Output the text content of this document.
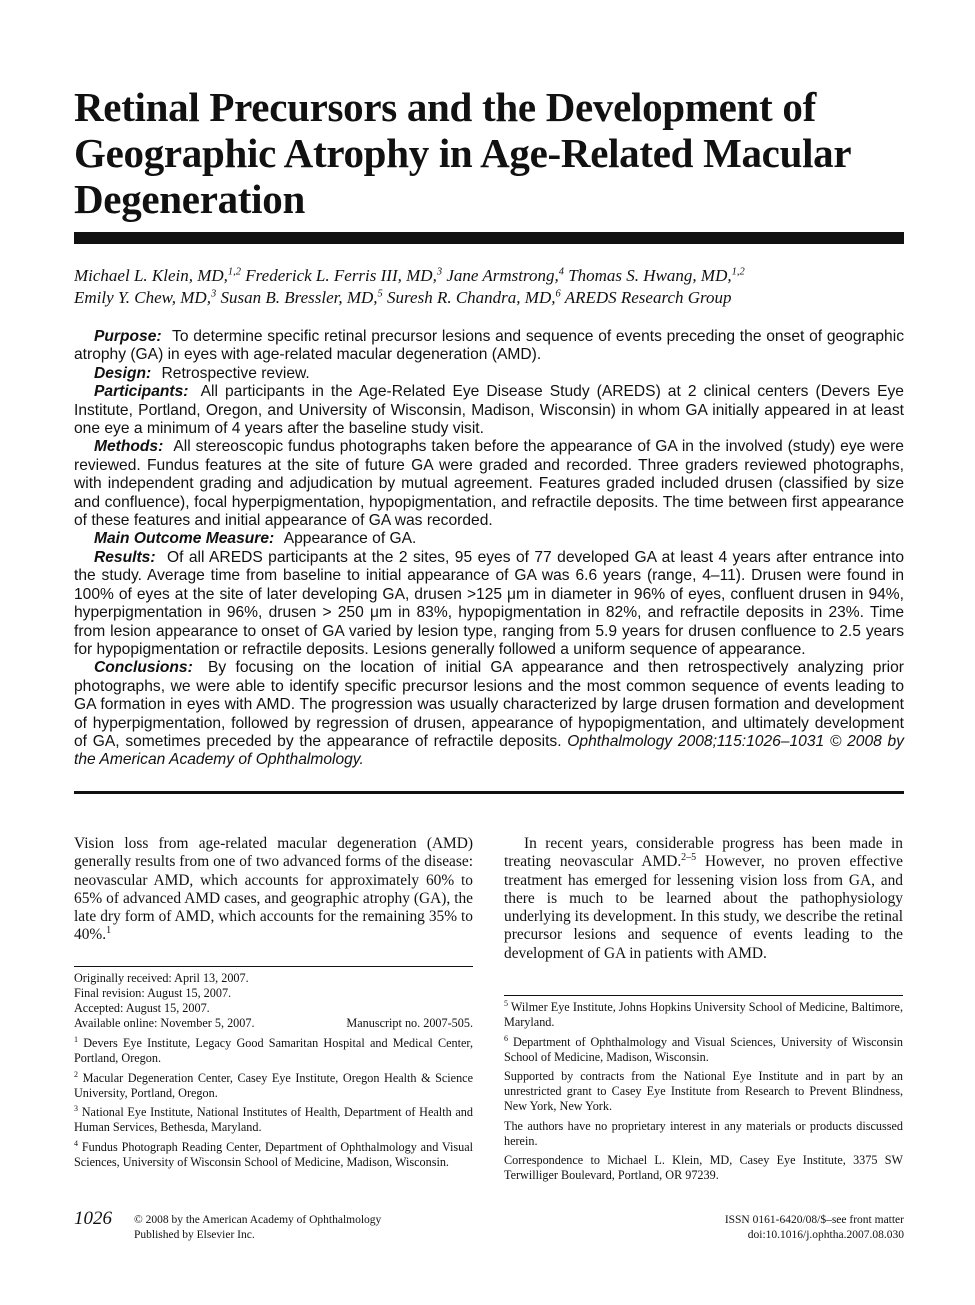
Retinal Precursors and the Development of Geographic Atrophy in Age-Related Macular Degeneration
Michael L. Klein, MD,$^{1,2}$ Frederick L. Ferris III, MD,$^3$ Jane Armstrong,$^4$ Thomas S. Hwang, MD,$^{1,2}$
Emily Y. Chew, MD,$^3$ Susan B. Bressler, MD,$^5$ Suresh R. Chandra, MD,$^6$ AREDS Research Group

Purpose: To determine specific retinal precursor lesions and sequence of events preceding the onset of geographic atrophy (GA) in eyes with age-related macular degeneration (AMD).

Design: Retrospective review.

Participants: All participants in the Age-Related Eye Disease Study (AREDS) at 2 clinical centers (Devers Eye Institute, Portland, Oregon, and University of Wisconsin, Madison, Wisconsin) in whom GA initially appeared in at least one eye a minimum of 4 years after the baseline study visit.

Methods: All stereoscopic fundus photographs taken before the appearance of GA in the involved (study) eye were reviewed. Fundus features at the site of future GA were graded and recorded. Three graders reviewed photographs, with independent grading and adjudication by mutual agreement. Features graded included drusen (classified by size and confluence), focal hyperpigmentation, hypopigmentation, and refractile deposits. The time between first appearance of these features and initial appearance of GA was recorded.

Main Outcome Measure: Appearance of GA.

Results: Of all AREDS participants at the 2 sites, 95 eyes of 77 developed GA at least 4 years after entrance into the study. Average time from baseline to initial appearance of GA was 6.6 years (range, 4–11). Drusen were found in 100% of eyes at the site of later developing GA, drusen >125 μm in diameter in 96% of eyes, confluent drusen in 94%, hyperpigmentation in 96%, drusen > 250 μm in 83%, hypopigmentation in 82%, and refractile deposits in 23%. Time from lesion appearance to onset of GA varied by lesion type, ranging from 5.9 years for drusen confluence to 2.5 years for hypopigmentation or refractile deposits. Lesions generally followed a uniform sequence of appearance.

Conclusions: By focusing on the location of initial GA appearance and then retrospectively analyzing prior photographs, we were able to identify specific precursor lesions and the most common sequence of events leading to GA formation in eyes with AMD. The progression was usually characterized by large drusen formation and development of hyperpigmentation, followed by regression of drusen, appearance of hypopigmentation, and ultimately development of GA, sometimes preceded by the appearance of refractile deposits. Ophthalmology 2008;115:1026–1031 © 2008 by the American Academy of Ophthalmology.

Vision loss from age-related macular degeneration (AMD) generally results from one of two advanced forms of the disease: neovascular AMD, which accounts for approximately 60% to 65% of advanced AMD cases, and geographic atrophy (GA), the late dry form of AMD, which accounts for the remaining 35% to 40%.$^1$

In recent years, considerable progress has been made in treating neovascular AMD.$^{2-5}$ However, no proven effective treatment has emerged for lessening vision loss from GA, and there is much to be learned about the pathophysiology underlying its development. In this study, we describe the retinal precursor lesions and sequence of events leading to the development of GA in patients with AMD.

Originally received: April 13, 2007.
Final revision: August 15, 2007.
Accepted: August 15, 2007.
Available online: November 5, 2007.	Manuscript no. 2007-505.

$^1$ Devers Eye Institute, Legacy Good Samaritan Hospital and Medical Center, Portland, Oregon.

$^2$ Macular Degeneration Center, Casey Eye Institute, Oregon Health & Science University, Portland, Oregon.

$^3$ National Eye Institute, National Institutes of Health, Department of Health and Human Services, Bethesda, Maryland.

$^4$ Fundus Photograph Reading Center, Department of Ophthalmology and Visual Sciences, University of Wisconsin School of Medicine, Madison, Wisconsin.

$^5$ Wilmer Eye Institute, Johns Hopkins University School of Medicine, Baltimore, Maryland.

$^6$ Department of Ophthalmology and Visual Sciences, University of Wisconsin School of Medicine, Madison, Wisconsin.

Supported by contracts from the National Eye Institute and in part by an unrestricted grant to Casey Eye Institute from Research to Prevent Blindness, New York, New York.

The authors have no proprietary interest in any materials or products discussed herein.

Correspondence to Michael L. Klein, MD, Casey Eye Institute, 3375 SW Terwilliger Boulevard, Portland, OR 97239.

1026 © 2008 by the American Academy of Ophthalmology
Published by Elsevier Inc.
ISSN 0161-6420/08/$–see front matter
doi:10.1016/j.ophtha.2007.08.030
